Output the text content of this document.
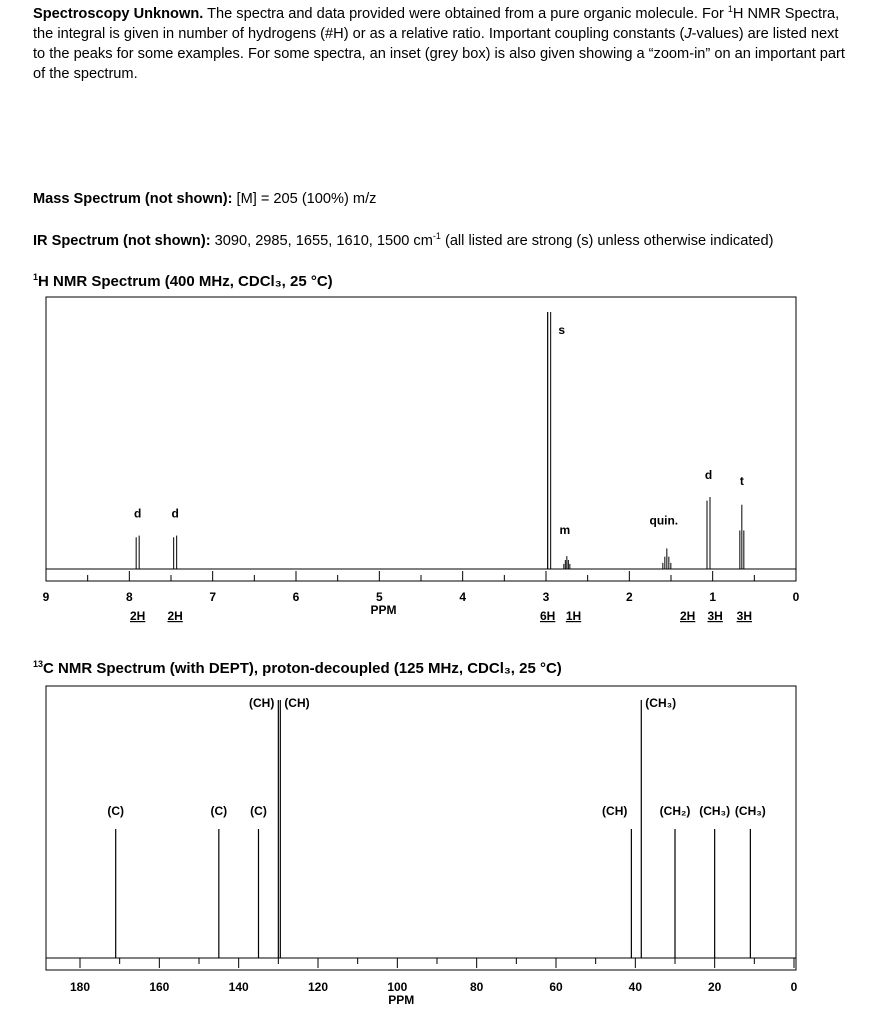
Spectroscopy Unknown. The spectra and data provided were obtained from a pure organic molecule. For $^1$H NMR Spectra, the integral is given in number of hydrogens (#H) or as a relative ratio. Important coupling constants (J-values) are listed next to the peaks for some examples. For some spectra, an inset (grey box) is also given showing a “zoom-in” on an important part of the spectrum.
Mass Spectrum (not shown): [M] = 205 (100%) m/z
IR Spectrum (not shown): 3090, 2985, 1655, 1610, 1500 $cm^{-1}$ (all listed are strong (s) unless otherwise indicated)
$^1$H NMR Spectrum (400 MHz, CDCl₃, 25 °C)
$^{13}$C NMR Spectrum (with DEPT), proton-decoupled (125 MHz, CDCl₃, 25 °C)
9	8	7	6	5	4	3	2	1	0
PPM
d	d
s
m
quin.
d t
2H 2H	6H 1H	2H 3H 3H
180	160	140	120	100	80	60	40	20	0
PPM
(C)	(C) (C)
(CH) (CH)
(CH)
(CH₃)
(CH₂) (CH₃) (CH₃)
